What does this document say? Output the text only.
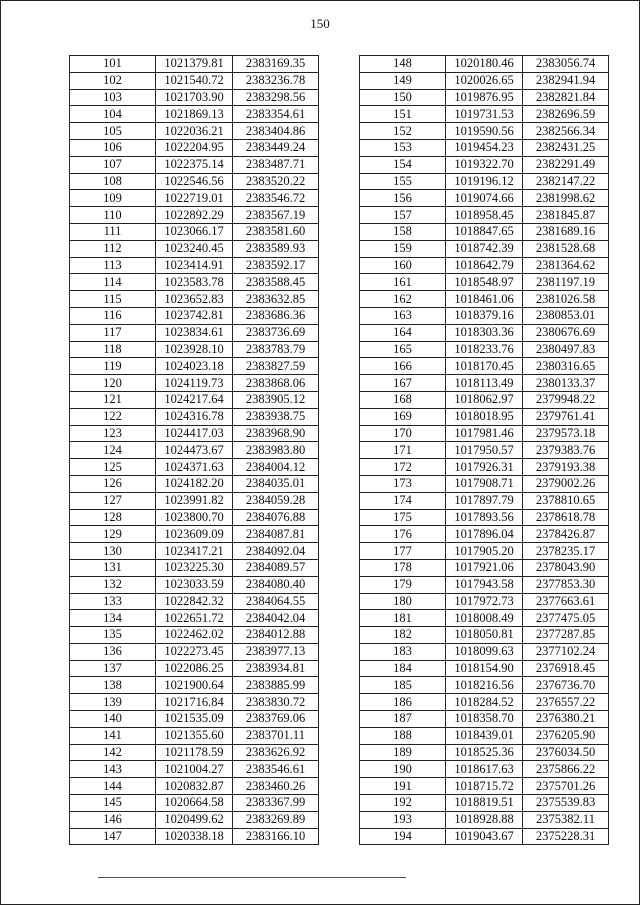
150
101	1021379.81	2383169.35
102	1021540.72	2383236.78
103	1021703.90	2383298.56
104	1021869.13	2383354.61
105	1022036.21	2383404.86
106	1022204.95	2383449.24
107	1022375.14	2383487.71
108	1022546.56	2383520.22
109	1022719.01	2383546.72
110	1022892.29	2383567.19
111	1023066.17	2383581.60
112	1023240.45	2383589.93
113	1023414.91	2383592.17
114	1023583.78	2383588.45
115	1023652.83	2383632.85
116	1023742.81	2383686.36
117	1023834.61	2383736.69
118	1023928.10	2383783.79
119	1024023.18	2383827.59
120	1024119.73	2383868.06
121	1024217.64	2383905.12
122	1024316.78	2383938.75
123	1024417.03	2383968.90
124	1024473.67	2383983.80
125	1024371.63	2384004.12
126	1024182.20	2384035.01
127	1023991.82	2384059.28
128	1023800.70	2384076.88
129	1023609.09	2384087.81
130	1023417.21	2384092.04
131	1023225.30	2384089.57
132	1023033.59	2384080.40
133	1022842.32	2384064.55
134	1022651.72	2384042.04
135	1022462.02	2384012.88
136	1022273.45	2383977.13
137	1022086.25	2383934.81
138	1021900.64	2383885.99
139	1021716.84	2383830.72
140	1021535.09	2383769.06
141	1021355.60	2383701.11
142	1021178.59	2383626.92
143	1021004.27	2383546.61
144	1020832.87	2383460.26
145	1020664.58	2383367.99
146	1020499.62	2383269.89
147	1020338.18	2383166.10
148	1020180.46	2383056.74
149	1020026.65	2382941.94
150	1019876.95	2382821.84
151	1019731.53	2382696.59
152	1019590.56	2382566.34
153	1019454.23	2382431.25
154	1019322.70	2382291.49
155	1019196.12	2382147.22
156	1019074.66	2381998.62
157	1018958.45	2381845.87
158	1018847.65	2381689.16
159	1018742.39	2381528.68
160	1018642.79	2381364.62
161	1018548.97	2381197.19
162	1018461.06	2381026.58
163	1018379.16	2380853.01
164	1018303.36	2380676.69
165	1018233.76	2380497.83
166	1018170.45	2380316.65
167	1018113.49	2380133.37
168	1018062.97	2379948.22
169	1018018.95	2379761.41
170	1017981.46	2379573.18
171	1017950.57	2379383.76
172	1017926.31	2379193.38
173	1017908.71	2379002.26
174	1017897.79	2378810.65
175	1017893.56	2378618.78
176	1017896.04	2378426.87
177	1017905.20	2378235.17
178	1017921.06	2378043.90
179	1017943.58	2377853.30
180	1017972.73	2377663.61
181	1018008.49	2377475.05
182	1018050.81	2377287.85
183	1018099.63	2377102.24
184	1018154.90	2376918.45
185	1018216.56	2376736.70
186	1018284.52	2376557.22
187	1018358.70	2376380.21
188	1018439.01	2376205.90
189	1018525.36	2376034.50
190	1018617.63	2375866.22
191	1018715.72	2375701.26
192	1018819.51	2375539.83
193	1018928.88	2375382.11
194	1019043.67	2375228.31
